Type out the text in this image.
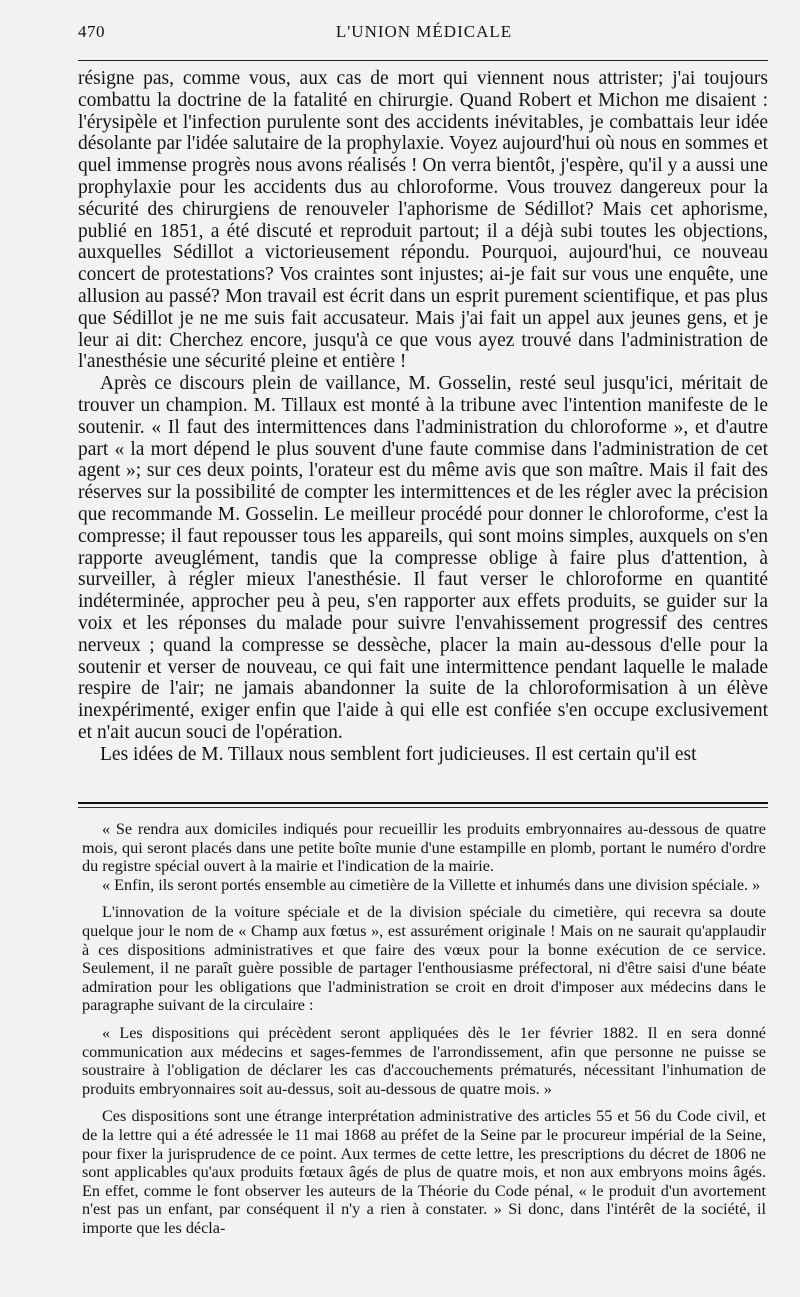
470	L'UNION MÉDICALE

résigne pas, comme vous, aux cas de mort qui viennent nous attrister; j'ai toujours combattu la doctrine de la fatalité en chirurgie. Quand Robert et Michon me disaient : l'érysipèle et l'infection purulente sont des accidents inévitables, je combattais leur idée désolante par l'idée salutaire de la prophylaxie. Voyez aujourd'hui où nous en sommes et quel immense progrès nous avons réalisés ! On verra bientôt, j'espère, qu'il y a aussi une prophylaxie pour les accidents dus au chloroforme. Vous trouvez dangereux pour la sécurité des chirurgiens de renouveler l'aphorisme de Sédillot? Mais cet aphorisme, publié en 1851, a été discuté et reproduit partout; il a déjà subi toutes les objections, auxquelles Sédillot a victorieusement répondu. Pourquoi, aujourd'hui, ce nouveau concert de protestations? Vos craintes sont injustes; ai-je fait sur vous une enquête, une allusion au passé? Mon travail est écrit dans un esprit purement scientifique, et pas plus que Sédillot je ne me suis fait accusateur. Mais j'ai fait un appel aux jeunes gens, et je leur ai dit: Cherchez encore, jusqu'à ce que vous ayez trouvé dans l'administration de l'anesthésie une sécurité pleine et entière !

Après ce discours plein de vaillance, M. Gosselin, resté seul jusqu'ici, méritait de trouver un champion. M. Tillaux est monté à la tribune avec l'intention manifeste de le soutenir. « Il faut des intermittences dans l'administration du chloroforme », et d'autre part « la mort dépend le plus souvent d'une faute commise dans l'administration de cet agent »; sur ces deux points, l'orateur est du même avis que son maître. Mais il fait des réserves sur la possibilité de compter les intermittences et de les régler avec la précision que recommande M. Gosselin. Le meilleur procédé pour donner le chloroforme, c'est la compresse; il faut repousser tous les appareils, qui sont moins simples, auxquels on s'en rapporte aveuglément, tandis que la compresse oblige à faire plus d'attention, à surveiller, à régler mieux l'anesthésie. Il faut verser le chloroforme en quantité indéterminée, approcher peu à peu, s'en rapporter aux effets produits, se guider sur la voix et les réponses du malade pour suivre l'envahissement progressif des centres nerveux ; quand la compresse se dessèche, placer la main au-dessous d'elle pour la soutenir et verser de nouveau, ce qui fait une intermittence pendant laquelle le malade respire de l'air; ne jamais abandonner la suite de la chloroformisation à un élève inexpérimenté, exiger enfin que l'aide à qui elle est confiée s'en occupe exclusivement et n'ait aucun souci de l'opération.

Les idées de M. Tillaux nous semblent fort judicieuses. Il est certain qu'il est

« Se rendra aux domiciles indiqués pour recueillir les produits embryonnaires au-dessous de quatre mois, qui seront placés dans une petite boîte munie d'une estampille en plomb, portant le numéro d'ordre du registre spécial ouvert à la mairie et l'indication de la mairie.

« Enfin, ils seront portés ensemble au cimetière de la Villette et inhumés dans une division spéciale. »

L'innovation de la voiture spéciale et de la division spéciale du cimetière, qui recevra sa doute quelque jour le nom de « Champ aux fœtus », est assurément originale ! Mais on ne saurait qu'applaudir à ces dispositions administratives et que faire des vœux pour la bonne exécution de ce service. Seulement, il ne paraît guère possible de partager l'enthousiasme préfectoral, ni d'être saisi d'une béate admiration pour les obligations que l'administration se croit en droit d'imposer aux médecins dans le paragraphe suivant de la circulaire :

« Les dispositions qui précèdent seront appliquées dès le 1er février 1882. Il en sera donné communication aux médecins et sages-femmes de l'arrondissement, afin que personne ne puisse se soustraire à l'obligation de déclarer les cas d'accouchements prématurés, nécessitant l'inhumation de produits embryonnaires soit au-dessus, soit au-dessous de quatre mois. »

Ces dispositions sont une étrange interprétation administrative des articles 55 et 56 du Code civil, et de la lettre qui a été adressée le 11 mai 1868 au préfet de la Seine par le procureur impérial de la Seine, pour fixer la jurisprudence de ce point. Aux termes de cette lettre, les prescriptions du décret de 1806 ne sont applicables qu'aux produits fœtaux âgés de plus de quatre mois, et non aux embryons moins âgés. En effet, comme le font observer les auteurs de la Théorie du Code pénal, « le produit d'un avortement n'est pas un enfant, par conséquent il n'y a rien à constater. » Si donc, dans l'intérêt de la société, il importe que les décla-
